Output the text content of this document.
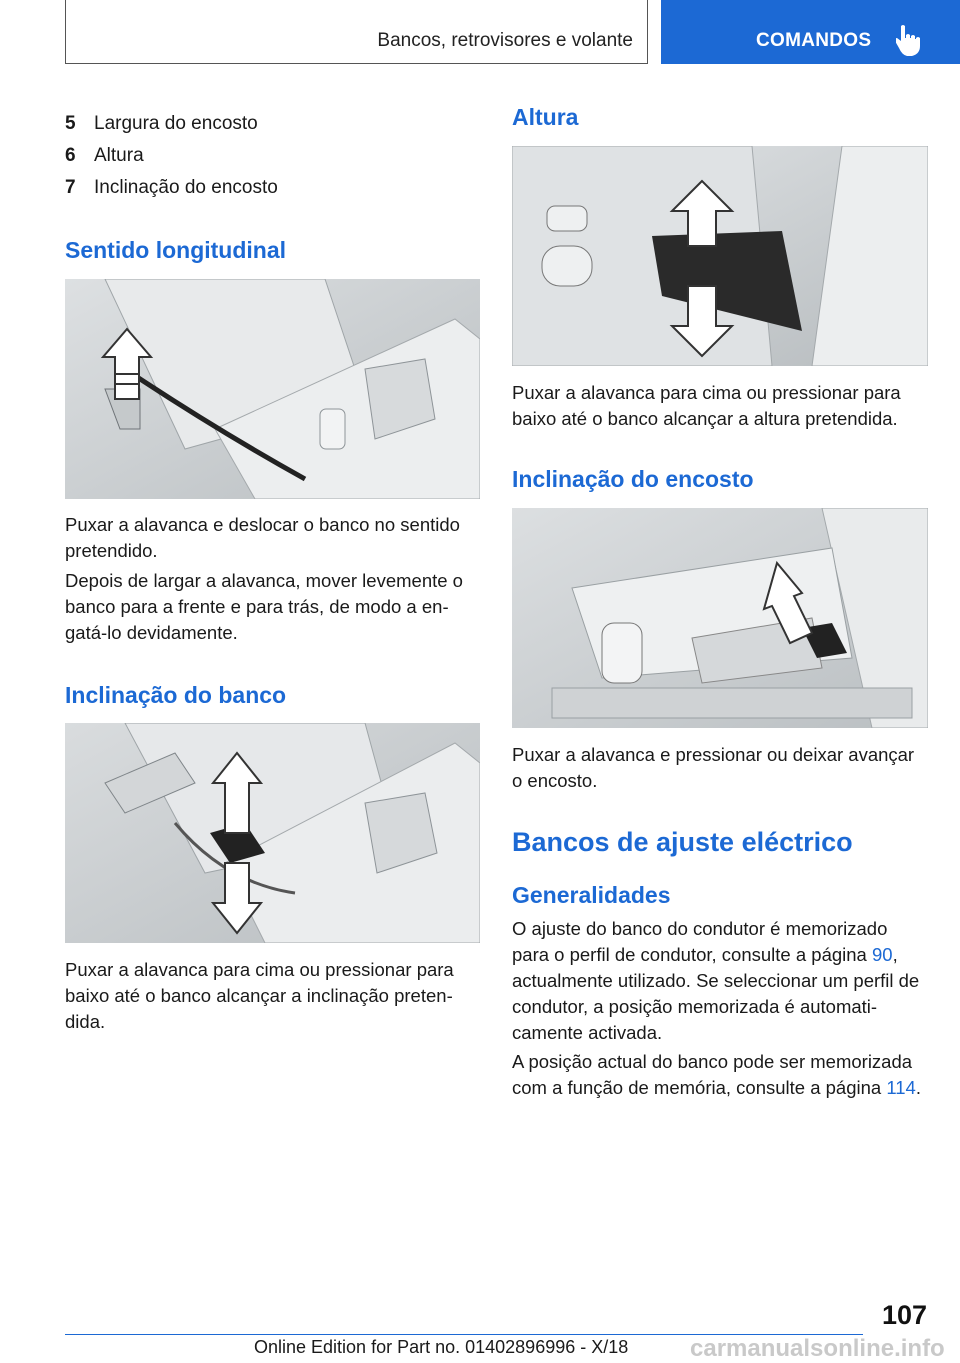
Bancos, retrovisores e volante	COMANDOS
5 Largura do encosto
6 Altura
7 Inclinação do encosto
Sentido longitudinal

Puxar a alavanca e deslocar o banco no sentido pretendido.

Depois de largar a alavanca, mover levemente o banco para a frente e para trás, de modo a engatá-lo devidamente.

Inclinação do banco

Puxar a alavanca para cima ou pressionar para baixo até o banco alcançar a inclinação pretendida.

Altura

Puxar a alavanca para cima ou pressionar para baixo até o banco alcançar a altura pretendida.

Inclinação do encosto

Puxar a alavanca e pressionar ou deixar avançar o encosto.

Bancos de ajuste eléctrico
Generalidades

O ajuste do banco do condutor é memorizado para o perfil de condutor, consulte a página 90, actualmente utilizado. Se seleccionar um perfil de condutor, a posição memorizada é automaticamente activada.

A posição actual do banco pode ser memorizada com a função de memória, consulte a página 114.

107
Online Edition for Part no. 01402896996 - X/18	carmanualsonline.info
